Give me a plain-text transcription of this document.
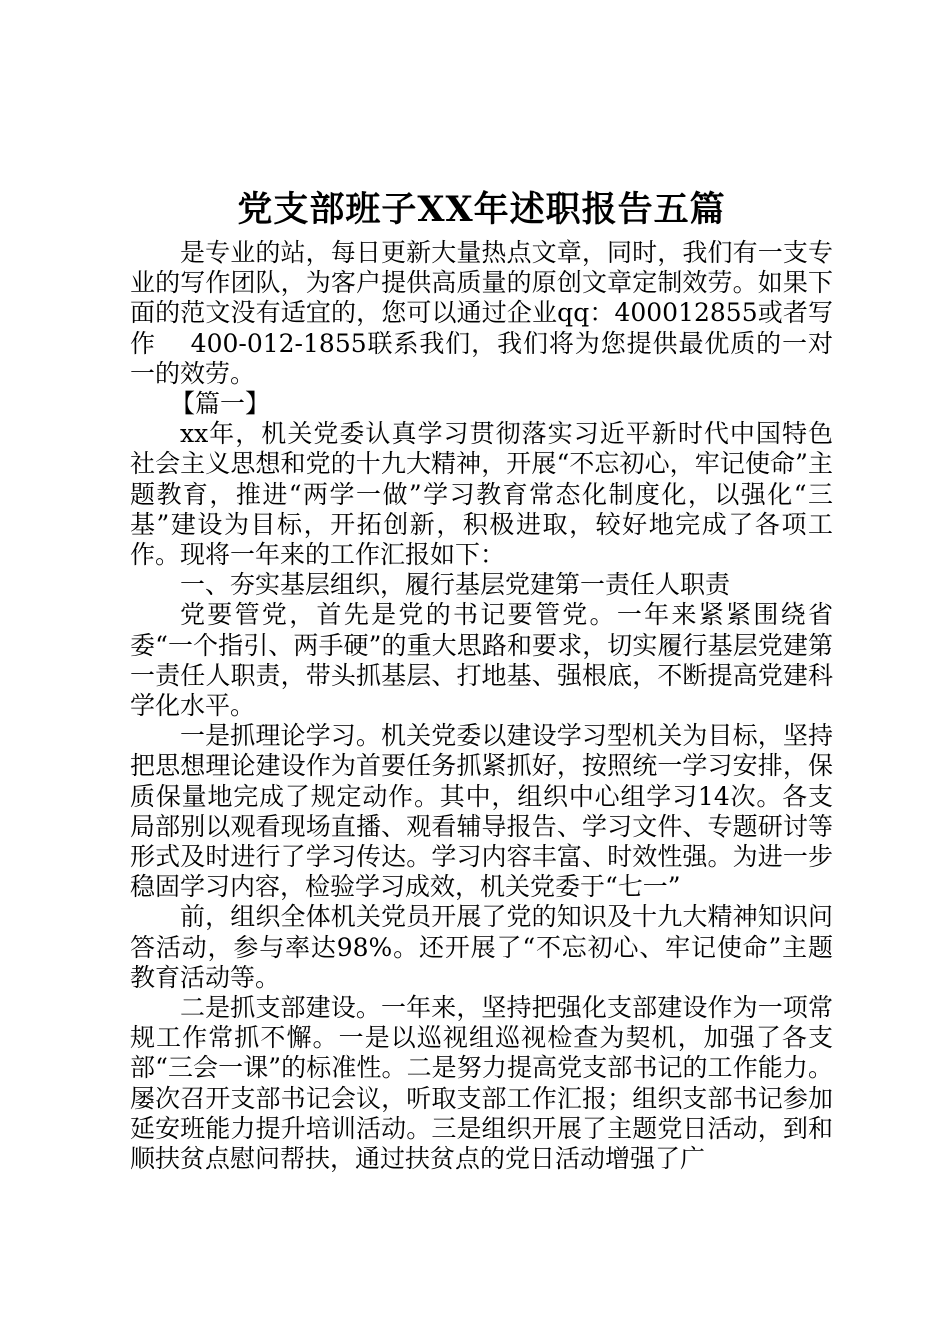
党支部班子XX年述职报告五篇

是专业的站，每日更新大量热点文章，同时，我们有一支专业的写作团队，为客户提供高质量的原创文章定制效劳。如果下面的范文没有适宜的，您可以通过企业qq：400012855或者写作　 400-012-1855联系我们，我们将为您提供最优质的一对一的效劳。

【篇一】

xx年，机关党委认真学习贯彻落实习近平新时代中国特色社会主义思想和党的十九大精神，开展“不忘初心，牢记使命”主题教育，推进“两学一做”学习教育常态化制度化，以强化“三基”建设为目标，开拓创新，积极进取，较好地完成了各项工作。现将一年来的工作汇报如下：

一、夯实基层组织，履行基层党建第一责任人职责

党要管党，首先是党的书记要管党。一年来紧紧围绕省委“一个指引、两手硬”的重大思路和要求，切实履行基层党建第一责任人职责，带头抓基层、打地基、强根底，不断提高党建科学化水平。

一是抓理论学习。机关党委以建设学习型机关为目标，坚持把思想理论建设作为首要任务抓紧抓好，按照统一学习安排，保质保量地完成了规定动作。其中，组织中心组学习14次。各支局部别以观看现场直播、观看辅导报告、学习文件、专题研讨等形式及时进行了学习传达。学习内容丰富、时效性强。为进一步稳固学习内容，检验学习成效，机关党委于“七一”

前，组织全体机关党员开展了党的知识及十九大精神知识问答活动，参与率达98%。还开展了“不忘初心、牢记使命”主题教育活动等。

二是抓支部建设。一年来，坚持把强化支部建设作为一项常规工作常抓不懈。一是以巡视组巡视检查为契机，加强了各支部“三会一课”的标准性。二是努力提高党支部书记的工作能力。屡次召开支部书记会议，听取支部工作汇报；组织支部书记参加延安班能力提升培训活动。三是组织开展了主题党日活动，到和顺扶贫点慰问帮扶，通过扶贫点的党日活动增强了广
